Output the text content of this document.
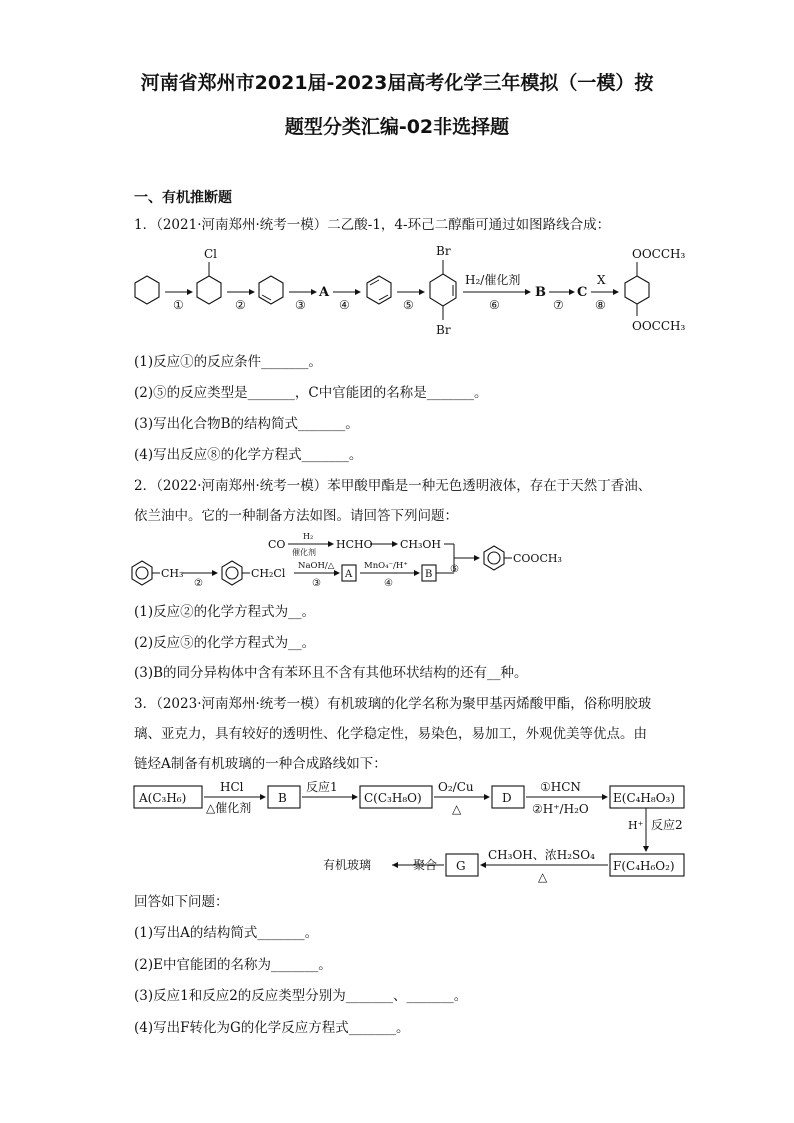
河南省郑州市2021届-2023届高考化学三年模拟（一模）按
题型分类汇编-02非选择题
一、有机推断题
1．（2021·河南郑州·统考一模）二乙酸-1，4-环己二醇酯可通过如图路线合成：
①
Cl
②	③
A
④	⑤
Br
Br
H₂/催化剂
⑥
B
⑦
C
X
⑧
OOCCH₃
OOCCH₃
(1)反应①的反应条件_______。
(2)⑤的反应类型是_______，C中官能团的名称是_______。
(3)写出化合物B的结构简式_______。
(4)写出反应⑧的化学方程式_______。
2．（2022·河南郑州·统考一模）苯甲酸甲酯是一种无色透明液体，存在于天然丁香油、
依兰油中。它的一种制备方法如图。请回答下列问题：
CO
H₂
催化剂
HCHO CH₃OH
CH₃
②
CH₂Cl
NaOH/△
③
A
MnO₄⁻/H⁺
④
B ⑤
COOCH₃
(1)反应②的化学方程式为__。
(2)反应⑤的化学方程式为__。
(3)B的同分异构体中含有苯环且不含有其他环状结构的还有__种。
3．（2023·河南郑州·统考一模）有机玻璃的化学名称为聚甲基丙烯酸甲酯，俗称明胶玻
璃、亚克力，具有较好的透明性、化学稳定性，易染色，易加工，外观优美等优点。由
链烃A制备有机玻璃的一种合成路线如下：
A(C₃H₆)
HCl
△催化剂
B
反应1
C(C₃H₈O)
O₂/Cu
△
D
①HCN
②H⁺/H₂O
E(C₄H₈O₃)
H⁺ 反应2
F(C₄H₆O₂)
CH₃OH、浓H₂SO₄
△
G
聚合
有机玻璃
回答如下问题：
(1)写出A的结构简式_______。
(2)E中官能团的名称为_______。
(3)反应1和反应2的反应类型分别为_______、_______。
(4)写出F转化为G的化学反应方程式_______。
